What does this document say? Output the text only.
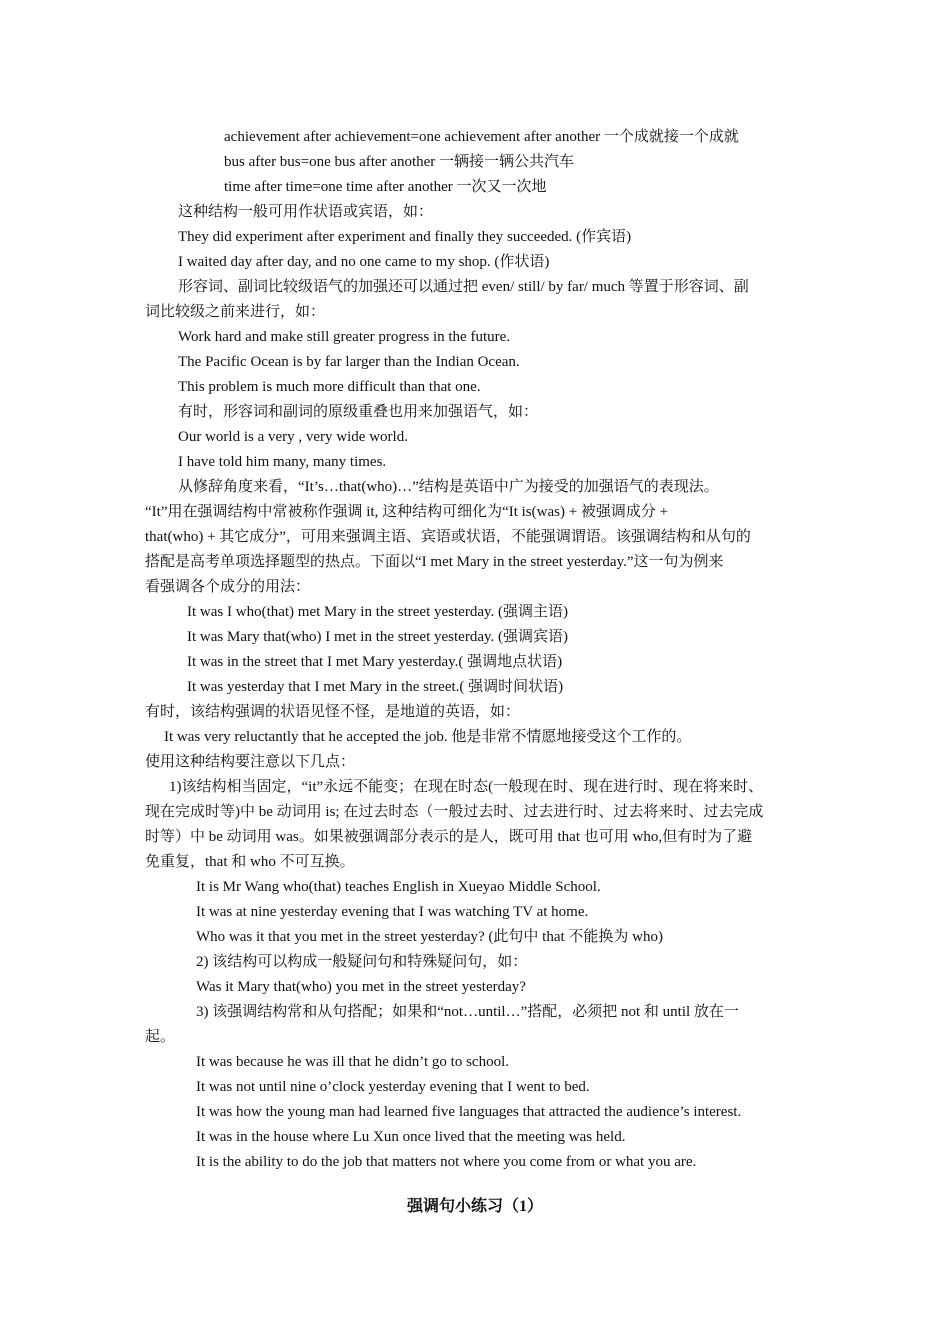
achievement after achievement=one achievement after another 一个成就接一个成就
bus after bus=one bus after another 一辆接一辆公共汽车
time after time=one time after another 一次又一次地
这种结构一般可用作状语或宾语，如：
They did experiment after experiment and finally they succeeded. (作宾语)
I waited day after day, and no one came to my shop. (作状语)
形容词、副词比较级语气的加强还可以通过把 even/ still/ by far/ much 等置于形容词、副
词比较级之前来进行，如：
Work hard and make still greater progress in the future.
The Pacific Ocean is by far larger than the Indian Ocean.
This problem is much more difficult than that one.
有时，形容词和副词的原级重叠也用来加强语气，如：
Our world is a very , very wide world.
I have told him many, many times.
从修辞角度来看，“It’s…that(who)…”结构是英语中广为接受的加强语气的表现法。
“It”用在强调结构中常被称作强调 it, 这种结构可细化为“It is(was) + 被强调成分 +
that(who) + 其它成分”，可用来强调主语、宾语或状语，不能强调谓语。该强调结构和从句的
搭配是高考单项选择题型的热点。下面以“I met Mary in the street yesterday.”这一句为例来
看强调各个成分的用法：
It was I who(that) met Mary in the street yesterday. (强调主语)
It was Mary that(who) I met in the street yesterday. (强调宾语)
It was in the street that I met Mary yesterday.( 强调地点状语)
It was yesterday that I met Mary in the street.( 强调时间状语)
有时，该结构强调的状语见怪不怪，是地道的英语，如：
It was very reluctantly that he accepted the job. 他是非常不情愿地接受这个工作的。
使用这种结构要注意以下几点：
1)该结构相当固定，“it”永远不能变；在现在时态(一般现在时、现在进行时、现在将来时、
现在完成时等)中 be 动词用 is; 在过去时态（一般过去时、过去进行时、过去将来时、过去完成
时等）中 be 动词用 was。如果被强调部分表示的是人，既可用 that 也可用 who,但有时为了避
免重复，that 和 who 不可互换。
It is Mr Wang who(that) teaches English in Xueyao Middle School.
It was at nine yesterday evening that I was watching TV at home.
Who was it that you met in the street yesterday? (此句中 that 不能换为 who)
2) 该结构可以构成一般疑问句和特殊疑问句，如：
Was it Mary that(who) you met in the street yesterday?
3) 该强调结构常和从句搭配；如果和“not…until…”搭配，必须把 not 和 until 放在一
起。
It was because he was ill that he didn’t go to school.
It was not until nine o’clock yesterday evening that I went to bed.
It was how the young man had learned five languages that attracted the audience’s interest.
It was in the house where Lu Xun once lived that the meeting was held.
It is the ability to do the job that matters not where you come from or what you are.
强调句小练习（1）
